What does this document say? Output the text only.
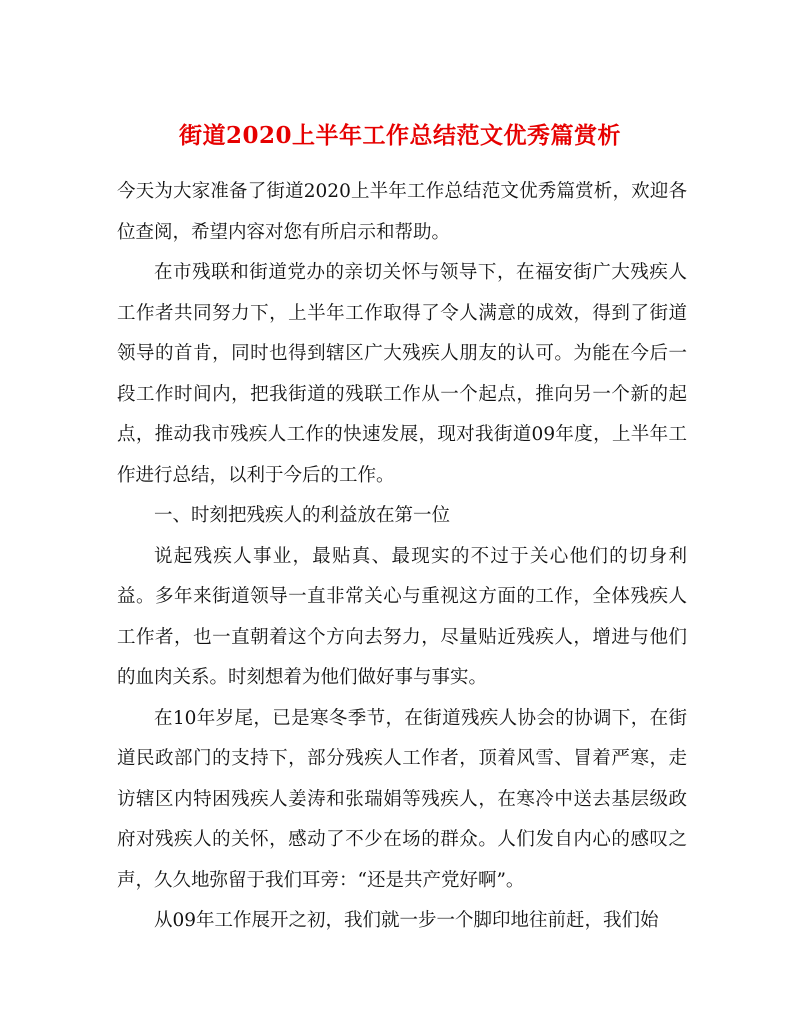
街道2020上半年工作总结范文优秀篇赏析

今天为大家准备了街道2020上半年工作总结范文优秀篇赏析，欢迎各位查阅，希望内容对您有所启示和帮助。

在市残联和街道党办的亲切关怀与领导下，在福安街广大残疾人工作者共同努力下，上半年工作取得了令人满意的成效，得到了街道领导的首肯，同时也得到辖区广大残疾人朋友的认可。为能在今后一段工作时间内，把我街道的残联工作从一个起点，推向另一个新的起点，推动我市残疾人工作的快速发展，现对我街道09年度，上半年工作进行总结，以利于今后的工作。

一、时刻把残疾人的利益放在第一位

说起残疾人事业，最贴真、最现实的不过于关心他们的切身利益。多年来街道领导一直非常关心与重视这方面的工作，全体残疾人工作者，也一直朝着这个方向去努力，尽量贴近残疾人，增进与他们的血肉关系。时刻想着为他们做好事与事实。

在10年岁尾，已是寒冬季节，在街道残疾人协会的协调下，在街道民政部门的支持下，部分残疾人工作者，顶着风雪、冒着严寒，走访辖区内特困残疾人姜涛和张瑞娟等残疾人，在寒冷中送去基层级政府对残疾人的关怀，感动了不少在场的群众。人们发自内心的感叹之声，久久地弥留于我们耳旁：“还是共产党好啊”。

从09年工作展开之初，我们就一步一个脚印地往前赶，我们始
